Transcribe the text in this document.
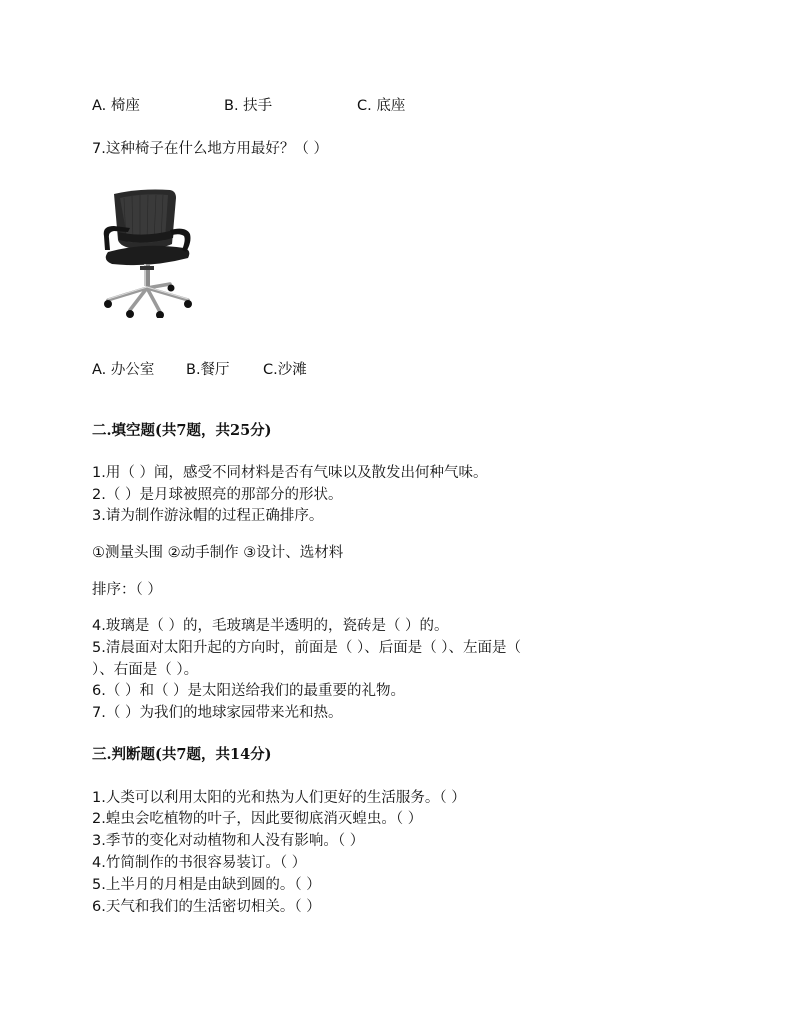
A. 椅座	B. 扶手	C. 底座
7.这种椅子在什么地方用最好？（ ）
A. 办公室 B.餐厅 C.沙滩
二.填空题(共7题，共25分)
1.用（ ）闻，感受不同材料是否有气味以及散发出何种气味。
2.（ ）是月球被照亮的那部分的形状。
3.请为制作游泳帽的过程正确排序。
①测量头围 ②动手制作 ③设计、选材料
排序：（ ）
4.玻璃是（ ）的，毛玻璃是半透明的，瓷砖是（ ）的。
5.清晨面对太阳升起的方向时，前面是（ ）、后面是（ ）、左面是（
）、右面是（ ）。
6.（ ）和（ ）是太阳送给我们的最重要的礼物。
7.（ ）为我们的地球家园带来光和热。
三.判断题(共7题，共14分)
1.人类可以利用太阳的光和热为人们更好的生活服务。（ ）
2.蝗虫会吃植物的叶子，因此要彻底消灭蝗虫。（ ）
3.季节的变化对动植物和人没有影响。（ ）
4.竹简制作的书很容易装订。（ ）
5.上半月的月相是由缺到圆的。（ ）
6.天气和我们的生活密切相关。（ ）
